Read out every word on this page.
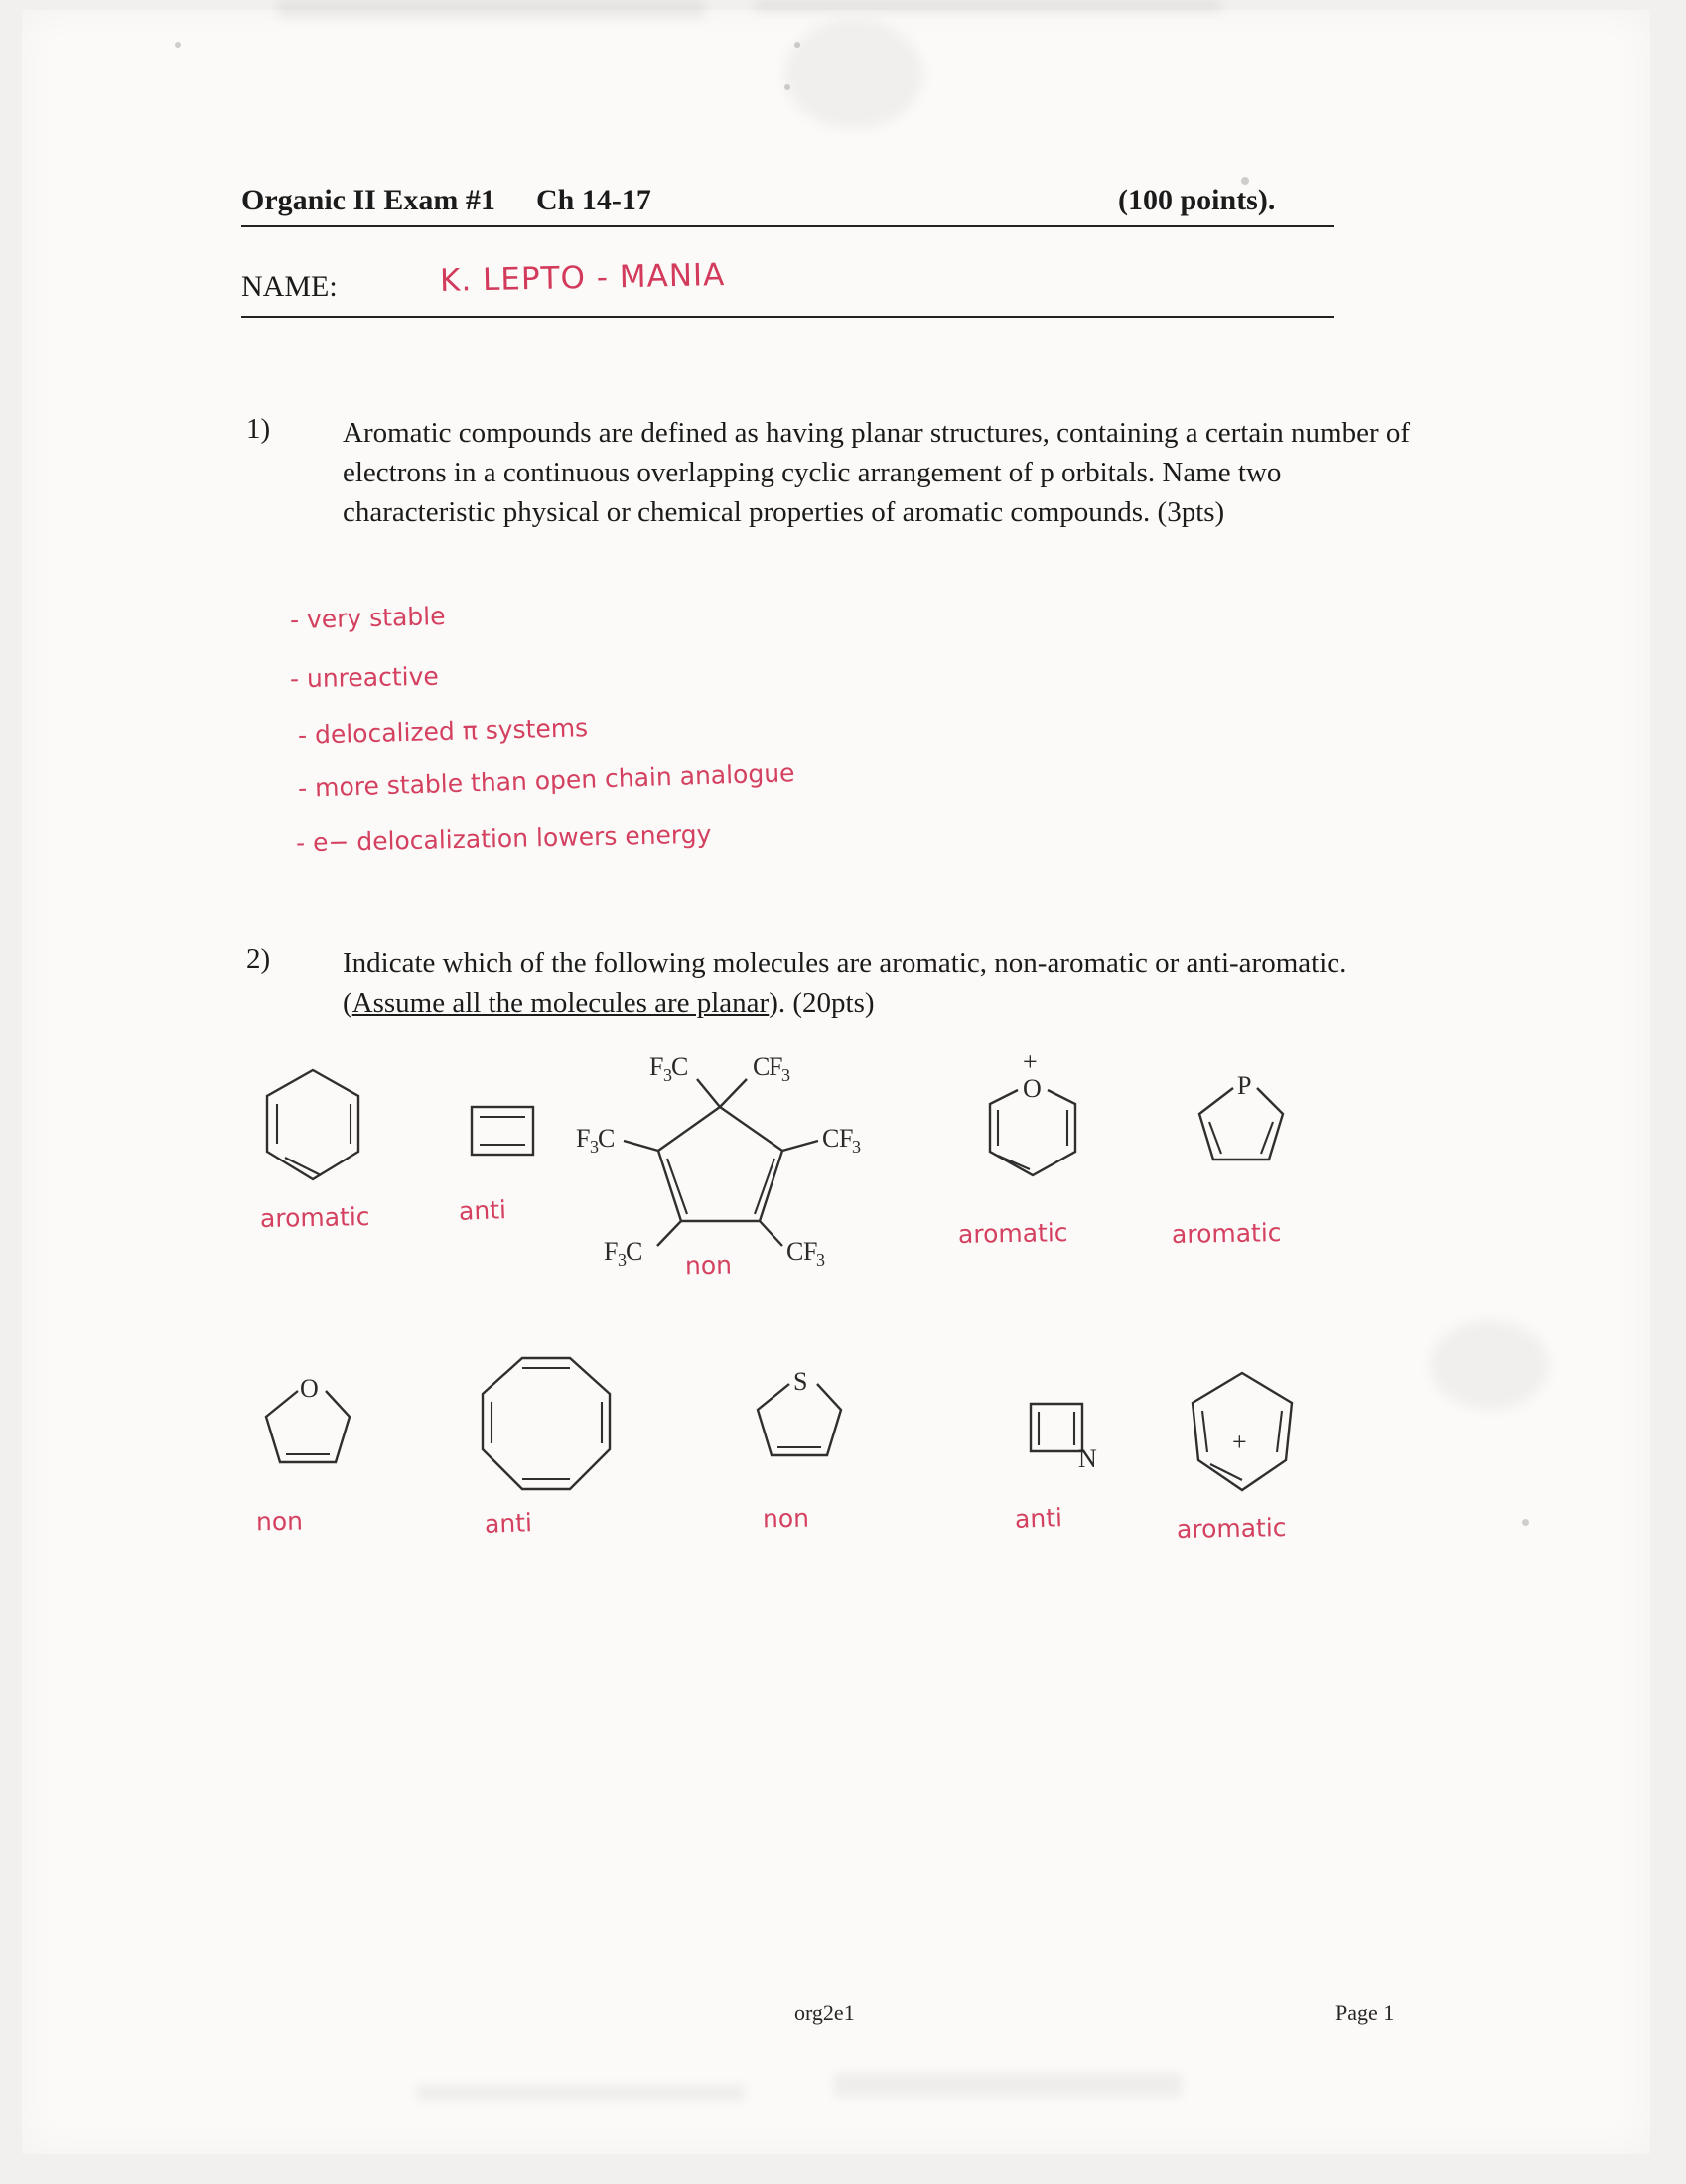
Organic II Exam #1 Ch 14-17	(100 points).
NAME:	K. LEPTO - MANIA
1)	Aromatic compounds are defined as having planar structures, containing a certain number of electrons in a continuous overlapping cyclic arrangement of p orbitals. Name two characteristic physical or chemical properties of aromatic compounds. (3pts)
- very stable
- unreactive
- delocalized π systems
- more stable than open chain analogue
- e− delocalization lowers energy
2)	Indicate which of the following molecules are aromatic, non-aromatic or anti-aromatic. (Assume all the molecules are planar). (20pts)
aromatic	anti
F 3 C C
F
3
F 3 C	C F
3
F 3 C	C F
3
non
O
+
aromatic
P
aromatic
O
non	anti
S
non
N
anti
+
aromatic
org2e1	Page 1
